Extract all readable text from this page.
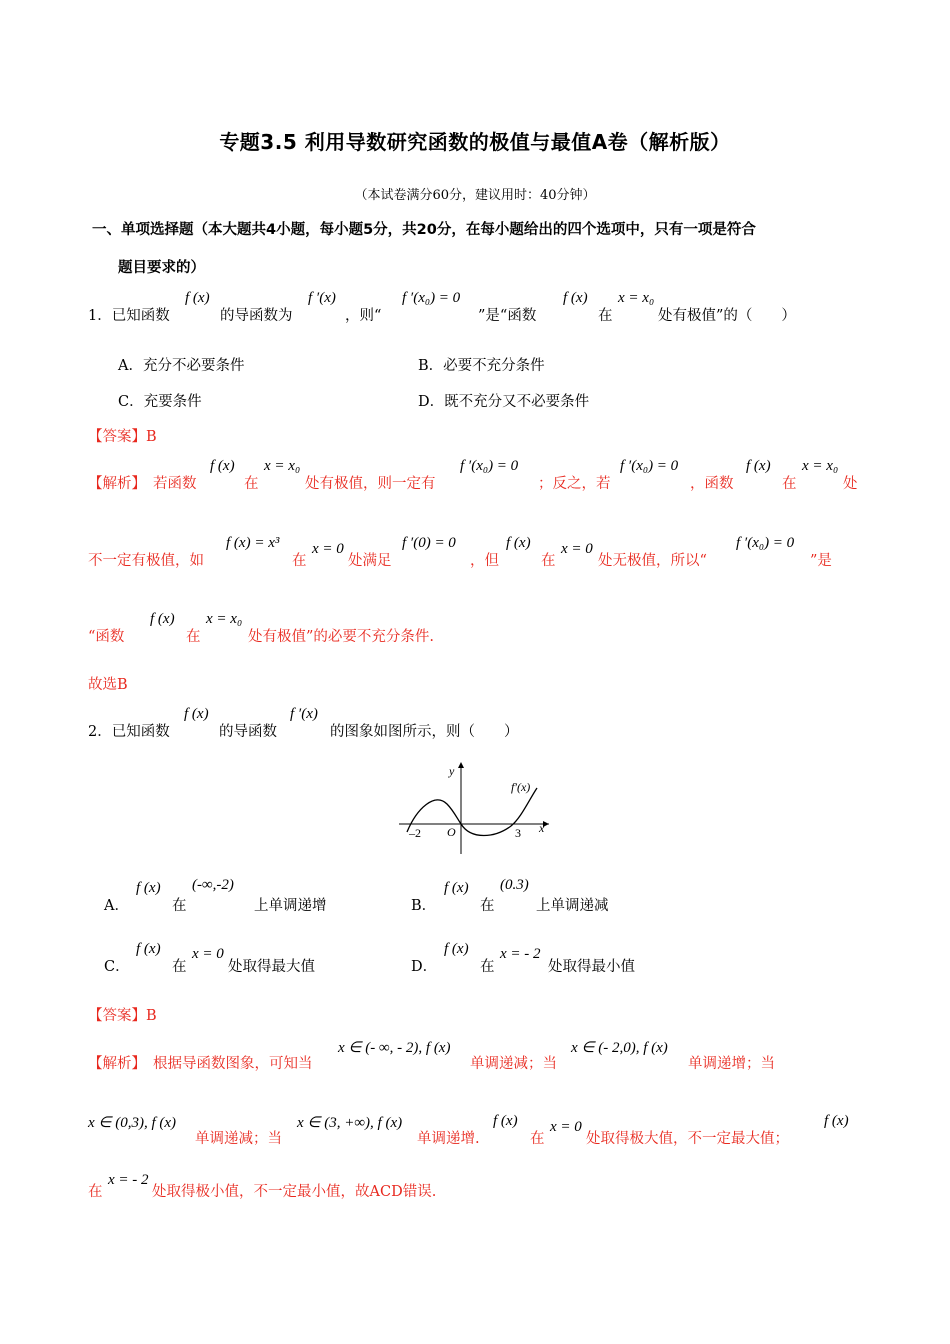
专题3.5 利用导数研究函数的极值与最值A卷（解析版）
（本试卷满分60分，建议用时：40分钟）
一、单项选择题（本大题共4小题，每小题5分，共20分，在每小题给出的四个选项中，只有一项是符合
题目要求的）
1．已知函数
f (x)
的导函数为
f ′(x)
，则“
f ′(x₀) = 0
”是“函数
f (x)
在
x = x₀
处有极值”的（　　）
A．充分不必要条件	B．必要不充分条件
C．充要条件	D．既不充分又不必要条件
【答案】B
【解析】 若函数
f (x)
在
x = x₀
处有极值，则一定有
f ′(x₀) = 0
；反之，若
f ′(x₀) = 0
，函数
f (x)
在
x = x₀
处
不一定有极值，如
f (x) = x³
在
x = 0
处满足
f ′(0) = 0
，但
f (x)
在
x = 0
处无极值，所以“
f ′(x₀) = 0
”是
“函数
f (x)
在
x = x₀
处有极值”的必要不充分条件.
故选B
2．已知函数
f (x)
的导函数
f ′(x)
的图象如图所示，则（　　）
y
x
O
–2	3
f′(x)
A．
f (x)
在
(-∞,-2)
上单调递增	B．
f (x)
在
(0.3)
上单调递减
C．
f (x)
在
x = 0
处取得最大值	D．
f (x)
在
x = - 2
处取得最小值
【答案】B
【解析】 根据导函数图象，可知当
x ∈ (- ∞, - 2), f (x)
单调递减；当
x ∈ (- 2,0), f (x)
单调递增；当
x ∈ (0,3), f (x)
单调递减；当
x ∈ (3, +∞), f (x)
单调递增.
f (x)
在
x = 0
处取得极大值，不一定最大值；
f (x)
在
x = - 2
处取得极小值，不一定最小值，故ACD错误.
